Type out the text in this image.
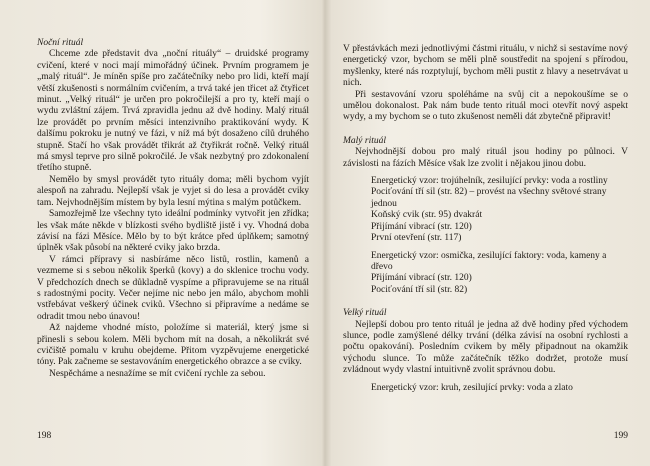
Noční rituál

Chceme zde představit dva „noční rituály“ – druidské programy cvičení, které v noci mají mimořádný účinek. Prvním programem je „malý rituál“. Je míněn spíše pro začátečníky nebo pro lidi, kteří mají větší zkušenosti s normálním cvičením, a trvá také jen třicet až čtyřicet minut. „Velký rituál“ je určen pro pokročilejší a pro ty, kteří mají o wydu zvláštní zájem. Trvá zpravidla jednu až dvě hodiny. Malý rituál lze provádět po prvním měsíci intenzivního praktikování wydy. K dalšímu pokroku je nutný ve fázi, v níž má být dosaženo cílů druhého stupně. Stačí ho však provádět třikrát až čtyřikrát ročně. Velký rituál má smysl teprve pro silně pokročilé. Je však nezbytný pro zdokonalení třetího stupně.

Nemělo by smysl provádět tyto rituály doma; měli bychom vyjít alespoň na zahradu. Nejlepší však je vyjet si do lesa a provádět cviky tam. Nejvhodnějším místem by byla lesní mýtina s malým potůčkem.

Samozřejmě lze všechny tyto ideální podmínky vytvořit jen zřídka; les však máte někde v blízkosti svého bydliště jistě i vy. Vhodná doba závisí na fázi Měsíce. Mělo by to být krátce před úplňkem; samotný úplněk však působí na některé cviky jako brzda.

V rámci přípravy si nasbíráme něco listů, rostlin, kamenů a vezmeme si s sebou několik šperků (kovy) a do sklenice trochu vody. V předchozích dnech se důkladně vyspíme a připravujeme se na rituál s radostnými pocity. Večer nejíme nic nebo jen málo, abychom mohli vstřebávat veškerý účinek cviků. Všechno si připravíme a nedáme se odradit tmou nebo únavou!

Až najdeme vhodné místo, položíme si materiál, který jsme si přinesli s sebou kolem. Měli bychom mít na dosah, a několikrát své cvičiště pomalu v kruhu obejdeme. Přitom vyzpěvujeme energetické tóny. Pak začneme se sestavováním energetického obrazce a se cviky.

Nespěcháme a nesnažíme se mít cvičení rychle za sebou.

198

V přestávkách mezi jednotlivými částmi rituálu, v nichž si sestavíme nový energetický vzor, bychom se měli plně soustředit na spojení s přírodou, myšlenky, které nás rozptylují, bychom měli pustit z hlavy a nesetrvávat u nich.

Při sestavování vzoru spoléháme na svůj cit a nepokoušíme se o umělou dokonalost. Pak nám bude tento rituál moci otevřít nový aspekt wydy, a my bychom se o tuto zkušenost neměli dát zbytečně připravit!

Malý rituál

Nejvhodnější dobou pro malý rituál jsou hodiny po půlnoci. V závislosti na fázích Měsíce však lze zvolit i nějakou jinou dobu.

Energetický vzor: trojúhelník, zesilující prvky: voda a rostliny
Pociťování tří sil (str. 82) – provést na všechny světové strany jednou
Koňský cvik (str. 95) dvakrát
Přijímání vibrací (str. 120)
První otevření (str. 117)
Energetický vzor: osmička, zesilující faktory: voda, kameny a dřevo
Přijímání vibrací (str. 120)
Pociťování tří sil (str. 82)

Velký rituál

Nejlepší dobou pro tento rituál je jedna až dvě hodiny před východem slunce, podle zamýšlené délky trvání (délka závisí na osobní rychlosti a počtu opakování). Posledním cvikem by měly připadnout na okamžik východu slunce. To může začátečník těžko dodržet, protože musí zvládnout wydy vlastní intuitivně zvolit správnou dobu.

Energetický vzor: kruh, zesilující prvky: voda a zlato
199
